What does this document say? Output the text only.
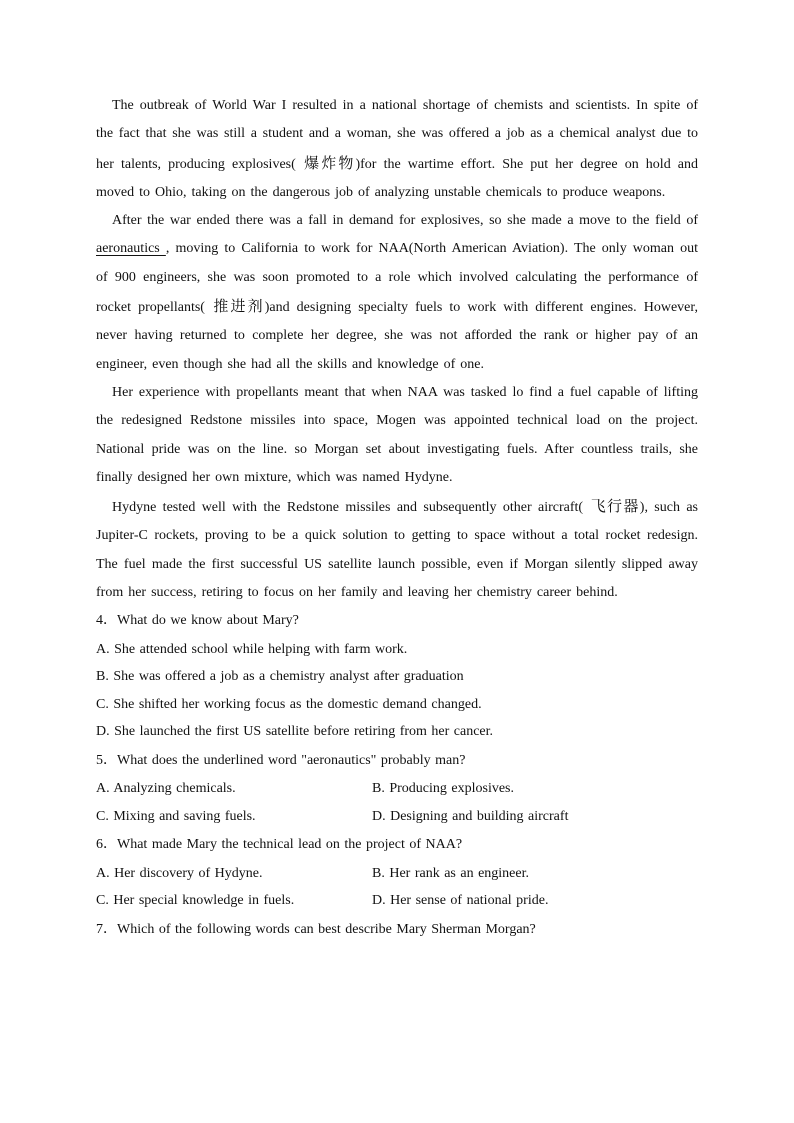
The outbreak of World War I resulted in a national shortage of chemists and scientists. In spite of the fact that she was still a student and a woman, she was offered a job as a chemical analyst due to her talents, producing explosives( 爆炸物)for the wartime effort. She put her degree on hold and moved to Ohio, taking on the dangerous job of analyzing unstable chemicals to produce weapons.

After the war ended there was a fall in demand for explosives, so she made a move to the field of aeronautics , moving to California to work for NAA(North American Aviation). The only woman out of 900 engineers, she was soon promoted to a role which involved calculating the performance of rocket propellants( 推进剂)and designing specialty fuels to work with different engines. However, never having returned to complete her degree, she was not afforded the rank or higher pay of an engineer, even though she had all the skills and knowledge of one.

Her experience with propellants meant that when NAA was tasked lo find a fuel capable of lifting the redesigned Redstone missiles into space, Mogen was appointed technical load on the project. National pride was on the line. so Morgan set about investigating fuels. After countless trails, she finally designed her own mixture, which was named Hydyne.

Hydyne tested well with the Redstone missiles and subsequently other aircraft( 飞行器), such as Jupiter-C rockets, proving to be a quick solution to getting to space without a total rocket redesign. The fuel made the first successful US satellite launch possible, even if Morgan silently slipped away from her success, retiring to focus on her family and leaving her chemistry career behind.

4．What do we know about Mary?

A. She attended school while helping with farm work.

B. She was offered a job as a chemistry analyst after graduation

C. She shifted her working focus as the domestic demand changed.

D. She launched the first US satellite before retiring from her cancer.

5．What does the underlined word "aeronautics" probably man?

A. Analyzing chemicals.	B. Producing explosives.
C. Mixing and saving fuels.	D. Designing and building aircraft

6．What made Mary the technical lead on the project of NAA?

A. Her discovery of Hydyne.	B. Her rank as an engineer.
C. Her special knowledge in fuels.	D. Her sense of national pride.

7．Which of the following words can best describe Mary Sherman Morgan?
